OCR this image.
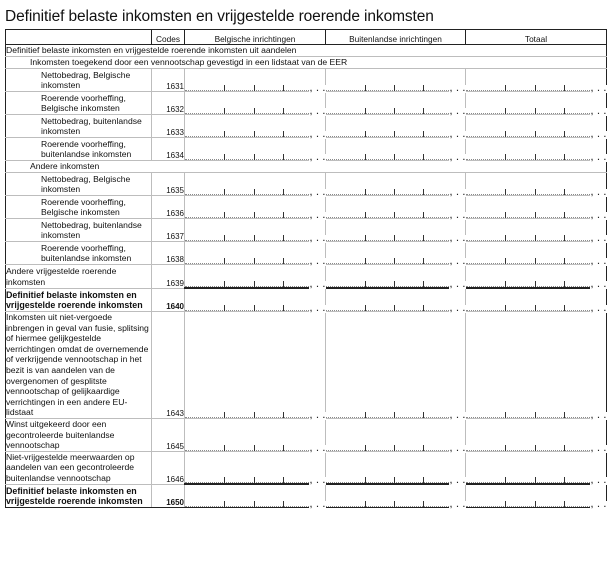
Definitief belaste inkomsten en vrijgestelde roerende inkomsten
	Codes	Belgische inrichtingen	Buitenlandse inrichtingen	Totaal
Definitief belaste inkomsten en vrijgestelde roerende inkomsten uit aandelen				
Inkomsten toegekend door een vennootschap gevestigd in een lidstaat van de EER				
Nettobedrag, Belgische inkomsten	1631	, . .	, . .	, . .

Roerende voorheffing, Belgische inkomsten	1632	, . .	, . .	, . .

Nettobedrag, buitenlandse inkomsten	1633	, . .	, . .	, . .

Roerende voorheffing, buitenlandse inkomsten	1634	, . .	, . .	, . .

Andere inkomsten				
Nettobedrag, Belgische inkomsten	1635	, . .	, . .	, . .

Roerende voorheffing, Belgische inkomsten	1636	, . .	, . .	, . .

Nettobedrag, buitenlandse inkomsten	1637	, . .	, . .	, . .

Roerende voorheffing, buitenlandse inkomsten	1638	, . .	, . .	, . .

Andere vrijgestelde roerende inkomsten	1639	, . .	, . .	, . .

Definitief belaste inkomsten en vrijgestelde roerende inkomsten	1640	, . .	, . .	, . .

Inkomsten uit niet-vergoede inbrengen in geval van fusie, splitsing of hiermee gelijkgestelde verrichtingen omdat de overnemende of verkrijgende vennootschap in het bezit is van aandelen van de overgenomen of gesplitste vennootschap of gelijkaardige verrichtingen in een andere EU-lidstaat	1643	, . .	, . .	, . .

Winst uitgekeerd door een gecontroleerde buitenlandse vennootschap	1645	, . .	, . .	, . .

Niet-vrijgestelde meerwaarden op aandelen van een gecontroleerde buitenlandse vennootschap	1646	, . .	, . .	, . .

Definitief belaste inkomsten en vrijgestelde roerende inkomsten	1650	, . .	, . .	, . .
